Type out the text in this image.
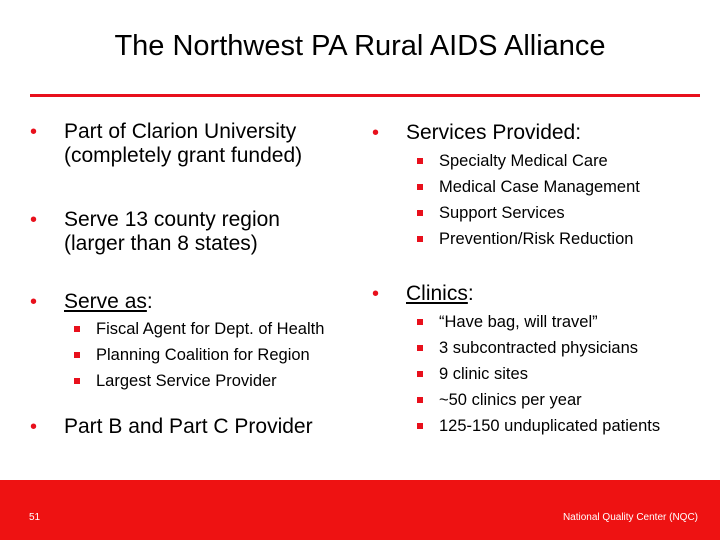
The Northwest PA Rural AIDS Alliance
•	Part of Clarion University
(completely grant funded)
•	Serve 13 county region
(larger than 8 states)
•	Serve as:
Fiscal Agent for Dept. of Health
Planning Coalition for Region
Largest Service Provider
•	Part B and Part C Provider
•	Services Provided:
Specialty Medical Care
Medical Case Management
Support Services
Prevention/Risk Reduction
•	Clinics:
“Have bag, will travel”
3 subcontracted physicians
9 clinic sites
~50 clinics per year
125-150 unduplicated patients
51	National Quality Center (NQC)
